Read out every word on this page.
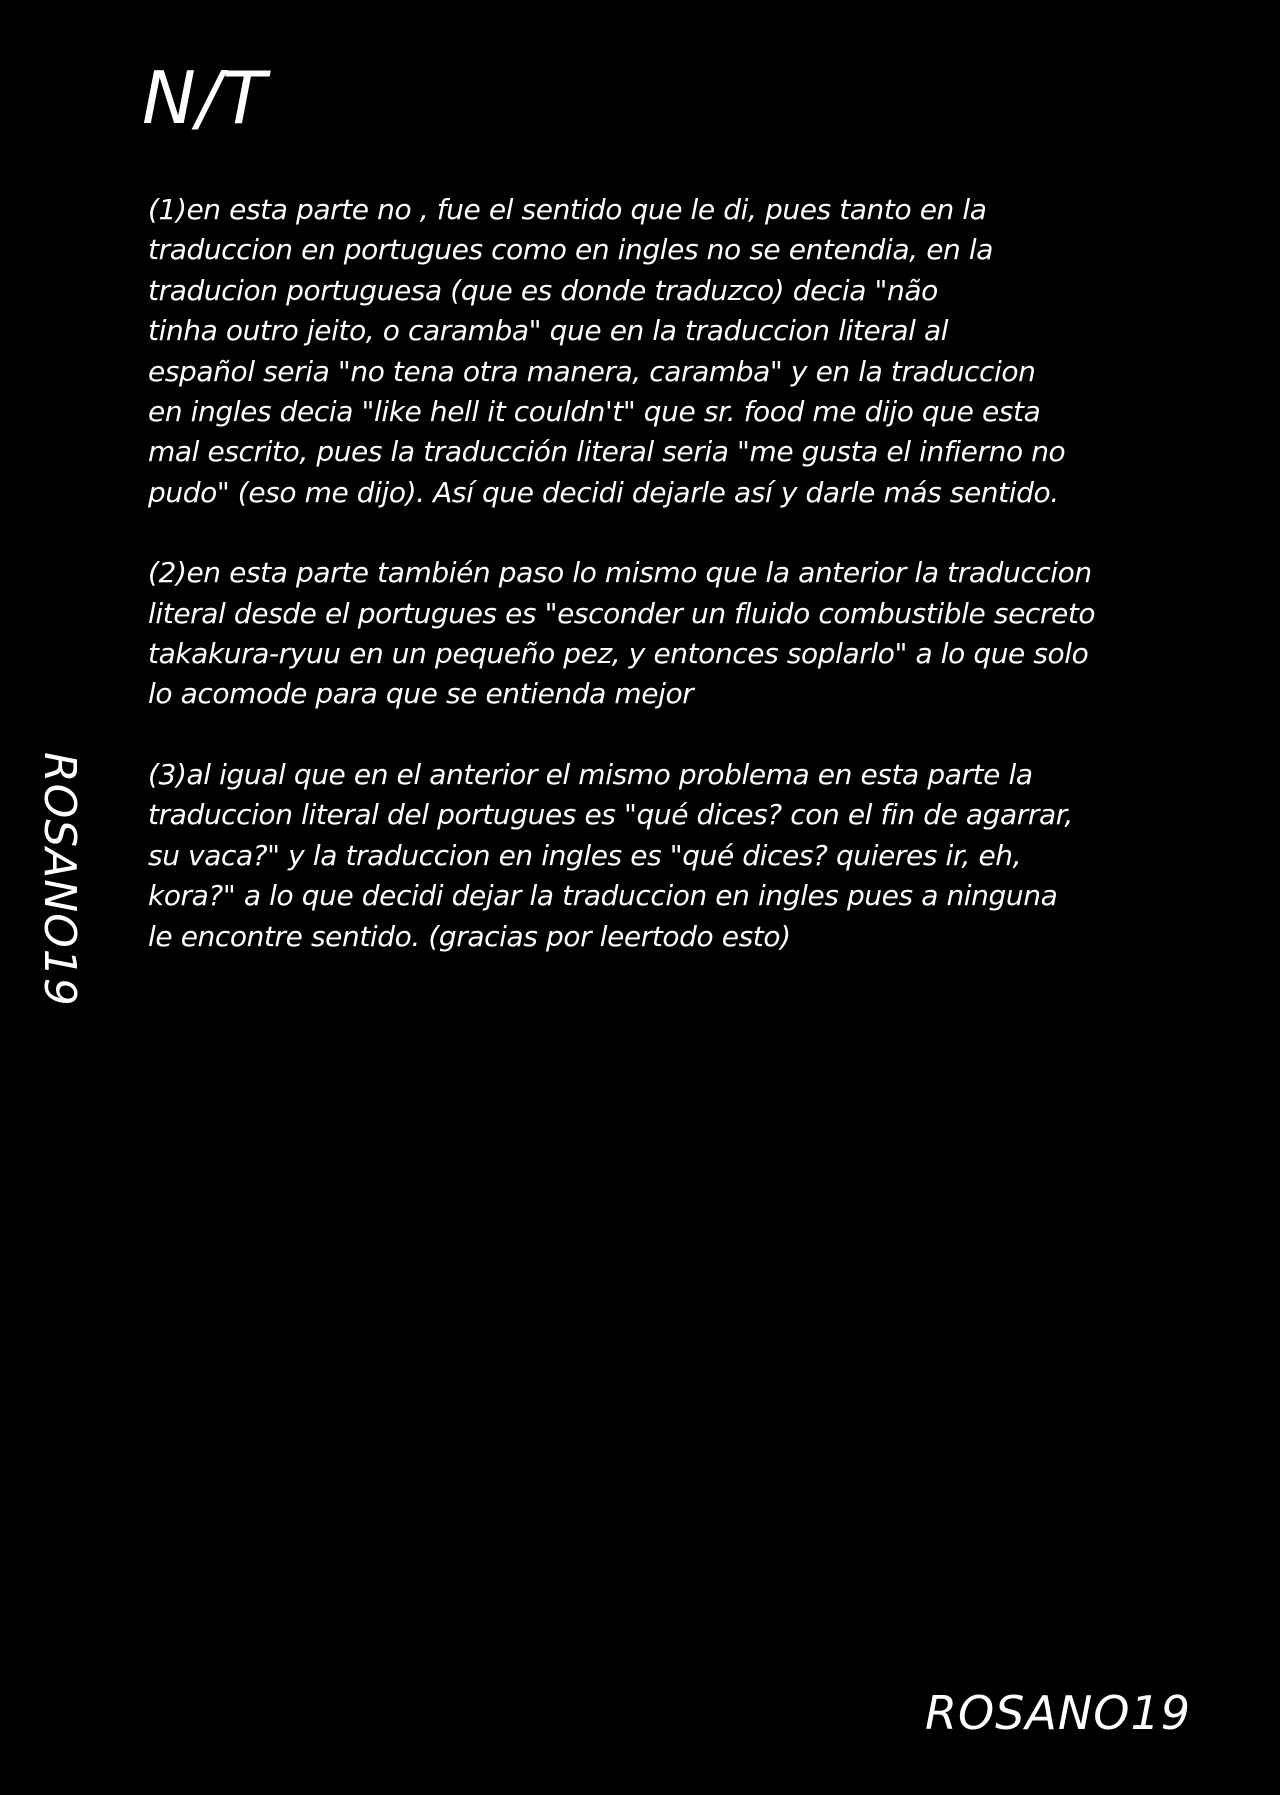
N/T

(1)en esta parte no , fue el sentido que le di, pues tanto en la
traduccion en portugues como en ingles no se entendia, en la
traducion portuguesa (que es donde traduzco) decia "não
tinha outro jeito, o caramba" que en la traduccion literal al
español seria "no tena otra manera, caramba" y en la traduccion
en ingles decia "like hell it couldn't" que sr. food me dijo que esta
mal escrito, pues la traducción literal seria "me gusta el infierno no
pudo" (eso me dijo). Así que decidi dejarle así y darle más sentido.

(2)en esta parte también paso lo mismo que la anterior la traduccion
literal desde el portugues es "esconder un fluido combustible secreto
takakura-ryuu en un pequeño pez, y entonces soplarlo" a lo que solo
lo acomode para que se entienda mejor

(3)al igual que en el anterior el mismo problema en esta parte la
traduccion literal del portugues es "qué dices? con el fin de agarrar,
su vaca?" y la traduccion en ingles es "qué dices? quieres ir, eh,
kora?" a lo que decidi dejar la traduccion en ingles pues a ninguna
le encontre sentido. (gracias por leertodo esto)

ROSANO19
ROSANO19
